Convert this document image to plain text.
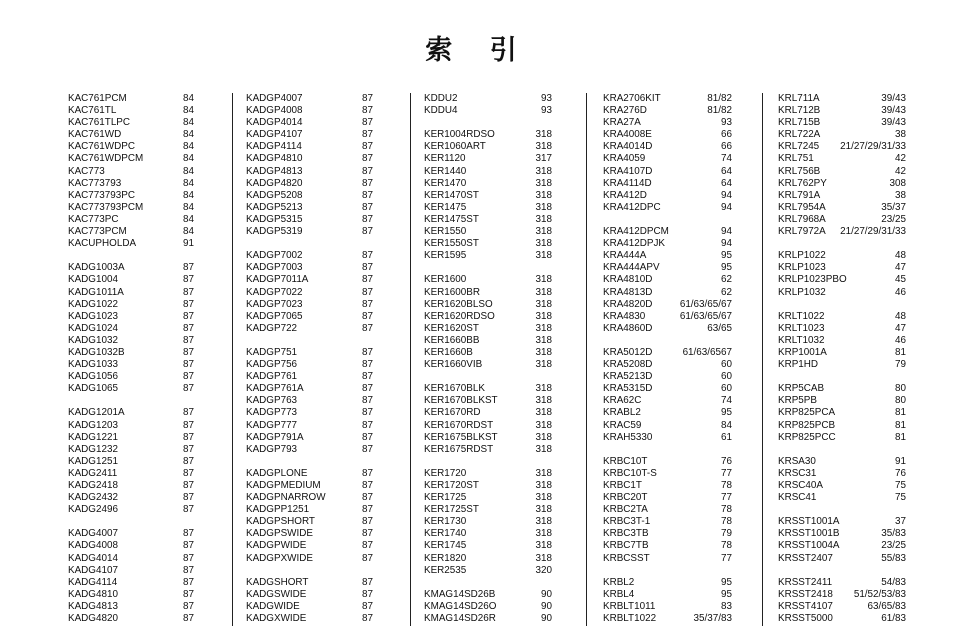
索 引
KAC761PCM	84
KAC761TL	84
KAC761TLPC	84
KAC761WD	84
KAC761WDPC	84
KAC761WDPCM	84
KAC773	84
KAC773793	84
KAC773793PC	84
KAC773793PCM	84
KAC773PC	84
KAC773PCM	84
KACUPHOLDA	91
KADG1003A	87
KADG1004	87
KADG1011A	87
KADG1022	87
KADG1023	87
KADG1024	87
KADG1032	87
KADG1032B	87
KADG1033	87
KADG1056	87
KADG1065	87
KADG1201A	87
KADG1203	87
KADG1221	87
KADG1232	87
KADG1251	87
KADG2411	87
KADG2418	87
KADG2432	87
KADG2496	87
KADG4007	87
KADG4008	87
KADG4014	87
KADG4107	87
KADG4114	87
KADG4810	87
KADG4813	87
KADG4820	87
KADGP4007	87
KADGP4008	87
KADGP4014	87
KADGP4107	87
KADGP4114	87
KADGP4810	87
KADGP4813	87
KADGP4820	87
KADGP5208	87
KADGP5213	87
KADGP5315	87
KADGP5319	87
KADGP7002	87
KADGP7003	87
KADGP7011A	87
KADGP7022	87
KADGP7023	87
KADGP7065	87
KADGP722	87
KADGP751	87
KADGP756	87
KADGP761	87
KADGP761A	87
KADGP763	87
KADGP773	87
KADGP777	87
KADGP791A	87
KADGP793	87
KADGPLONE	87
KADGPMEDIUM	87
KADGPNARROW	87
KADGPP1251	87
KADGPSHORT	87
KADGPSWIDE	87
KADGPWIDE	87
KADGPXWIDE	87
KADGSHORT	87
KADGSWIDE	87
KADGWIDE	87
KADGXWIDE	87
KDDU2	93
KDDU4	93
KER1004RDSO	318
KER1060ART	318
KER1120	317
KER1440	318
KER1470	318
KER1470ST	318
KER1475	318
KER1475ST	318
KER1550	318
KER1550ST	318
KER1595	318
KER1600	318
KER1600BR	318
KER1620BLSO	318
KER1620RDSO	318
KER1620ST	318
KER1660BB	318
KER1660B	318
KER1660VIB	318
KER1670BLK	318
KER1670BLKST	318
KER1670RD	318
KER1670RDST	318
KER1675BLKST	318
KER1675RDST	318
KER1720	318
KER1720ST	318
KER1725	318
KER1725ST	318
KER1730	318
KER1740	318
KER1745	318
KER1820	318
KER2535	320
KMAG14SD26B	90
KMAG14SD26O	90
KMAG14SD26R	90
KRA2706KIT	81/82
KRA276D	81/82
KRA27A	93
KRA4008E	66
KRA4014D	66
KRA4059	74
KRA4107D	64
KRA4114D	64
KRA412D	94
KRA412DPC	94
KRA412DPCM	94
KRA412DPJK	94
KRA444A	95
KRA444APV	95
KRA4810D	62
KRA4813D	62
KRA4820D	61/63/65/67
KRA4830	61/63/65/67
KRA4860D	63/65
KRA5012D	61/63/6567
KRA5208D	60
KRA5213D	60
KRA5315D	60
KRA62C	74
KRABL2	95
KRAC59	84
KRAH5330	61
KRBC10T	76
KRBC10T-S	77
KRBC1T	78
KRBC20T	77
KRBC2TA	78
KRBC3T-1	78
KRBC3TB	79
KRBC7TB	78
KRBCSST	77
KRBL2	95
KRBL4	95
KRBLT1011	83
KRBLT1022	35/37/83
KRL711A	39/43
KRL712B	39/43
KRL715B	39/43
KRL722A	38
KRL7245 21/27/29/31/33
KRL751	42
KRL756B	42
KRL762PY	308
KRL791A	38
KRL7954A	35/37
KRL7968A	23/25
KRL7972A 21/27/29/31/33
KRLP1022	48
KRLP1023	47
KRLP1023PBO	45
KRLP1032	46
KRLT1022	48
KRLT1023	47
KRLT1032	46
KRP1001A	81
KRP1HD	79
KRP5CAB	80
KRP5PB	80
KRP825PCA	81
KRP825PCB	81
KRP825PCC	81
KRSA30	91
KRSC31	76
KRSC40A	75
KRSC41	75
KRSST1001A	37
KRSST1001B	35/83
KRSST1004A	23/25
KRSST2407	55/83
KRSST2411	54/83
KRSST2418 51/52/53/83
KRSST4107	63/65/83
KRSST5000	61/83
